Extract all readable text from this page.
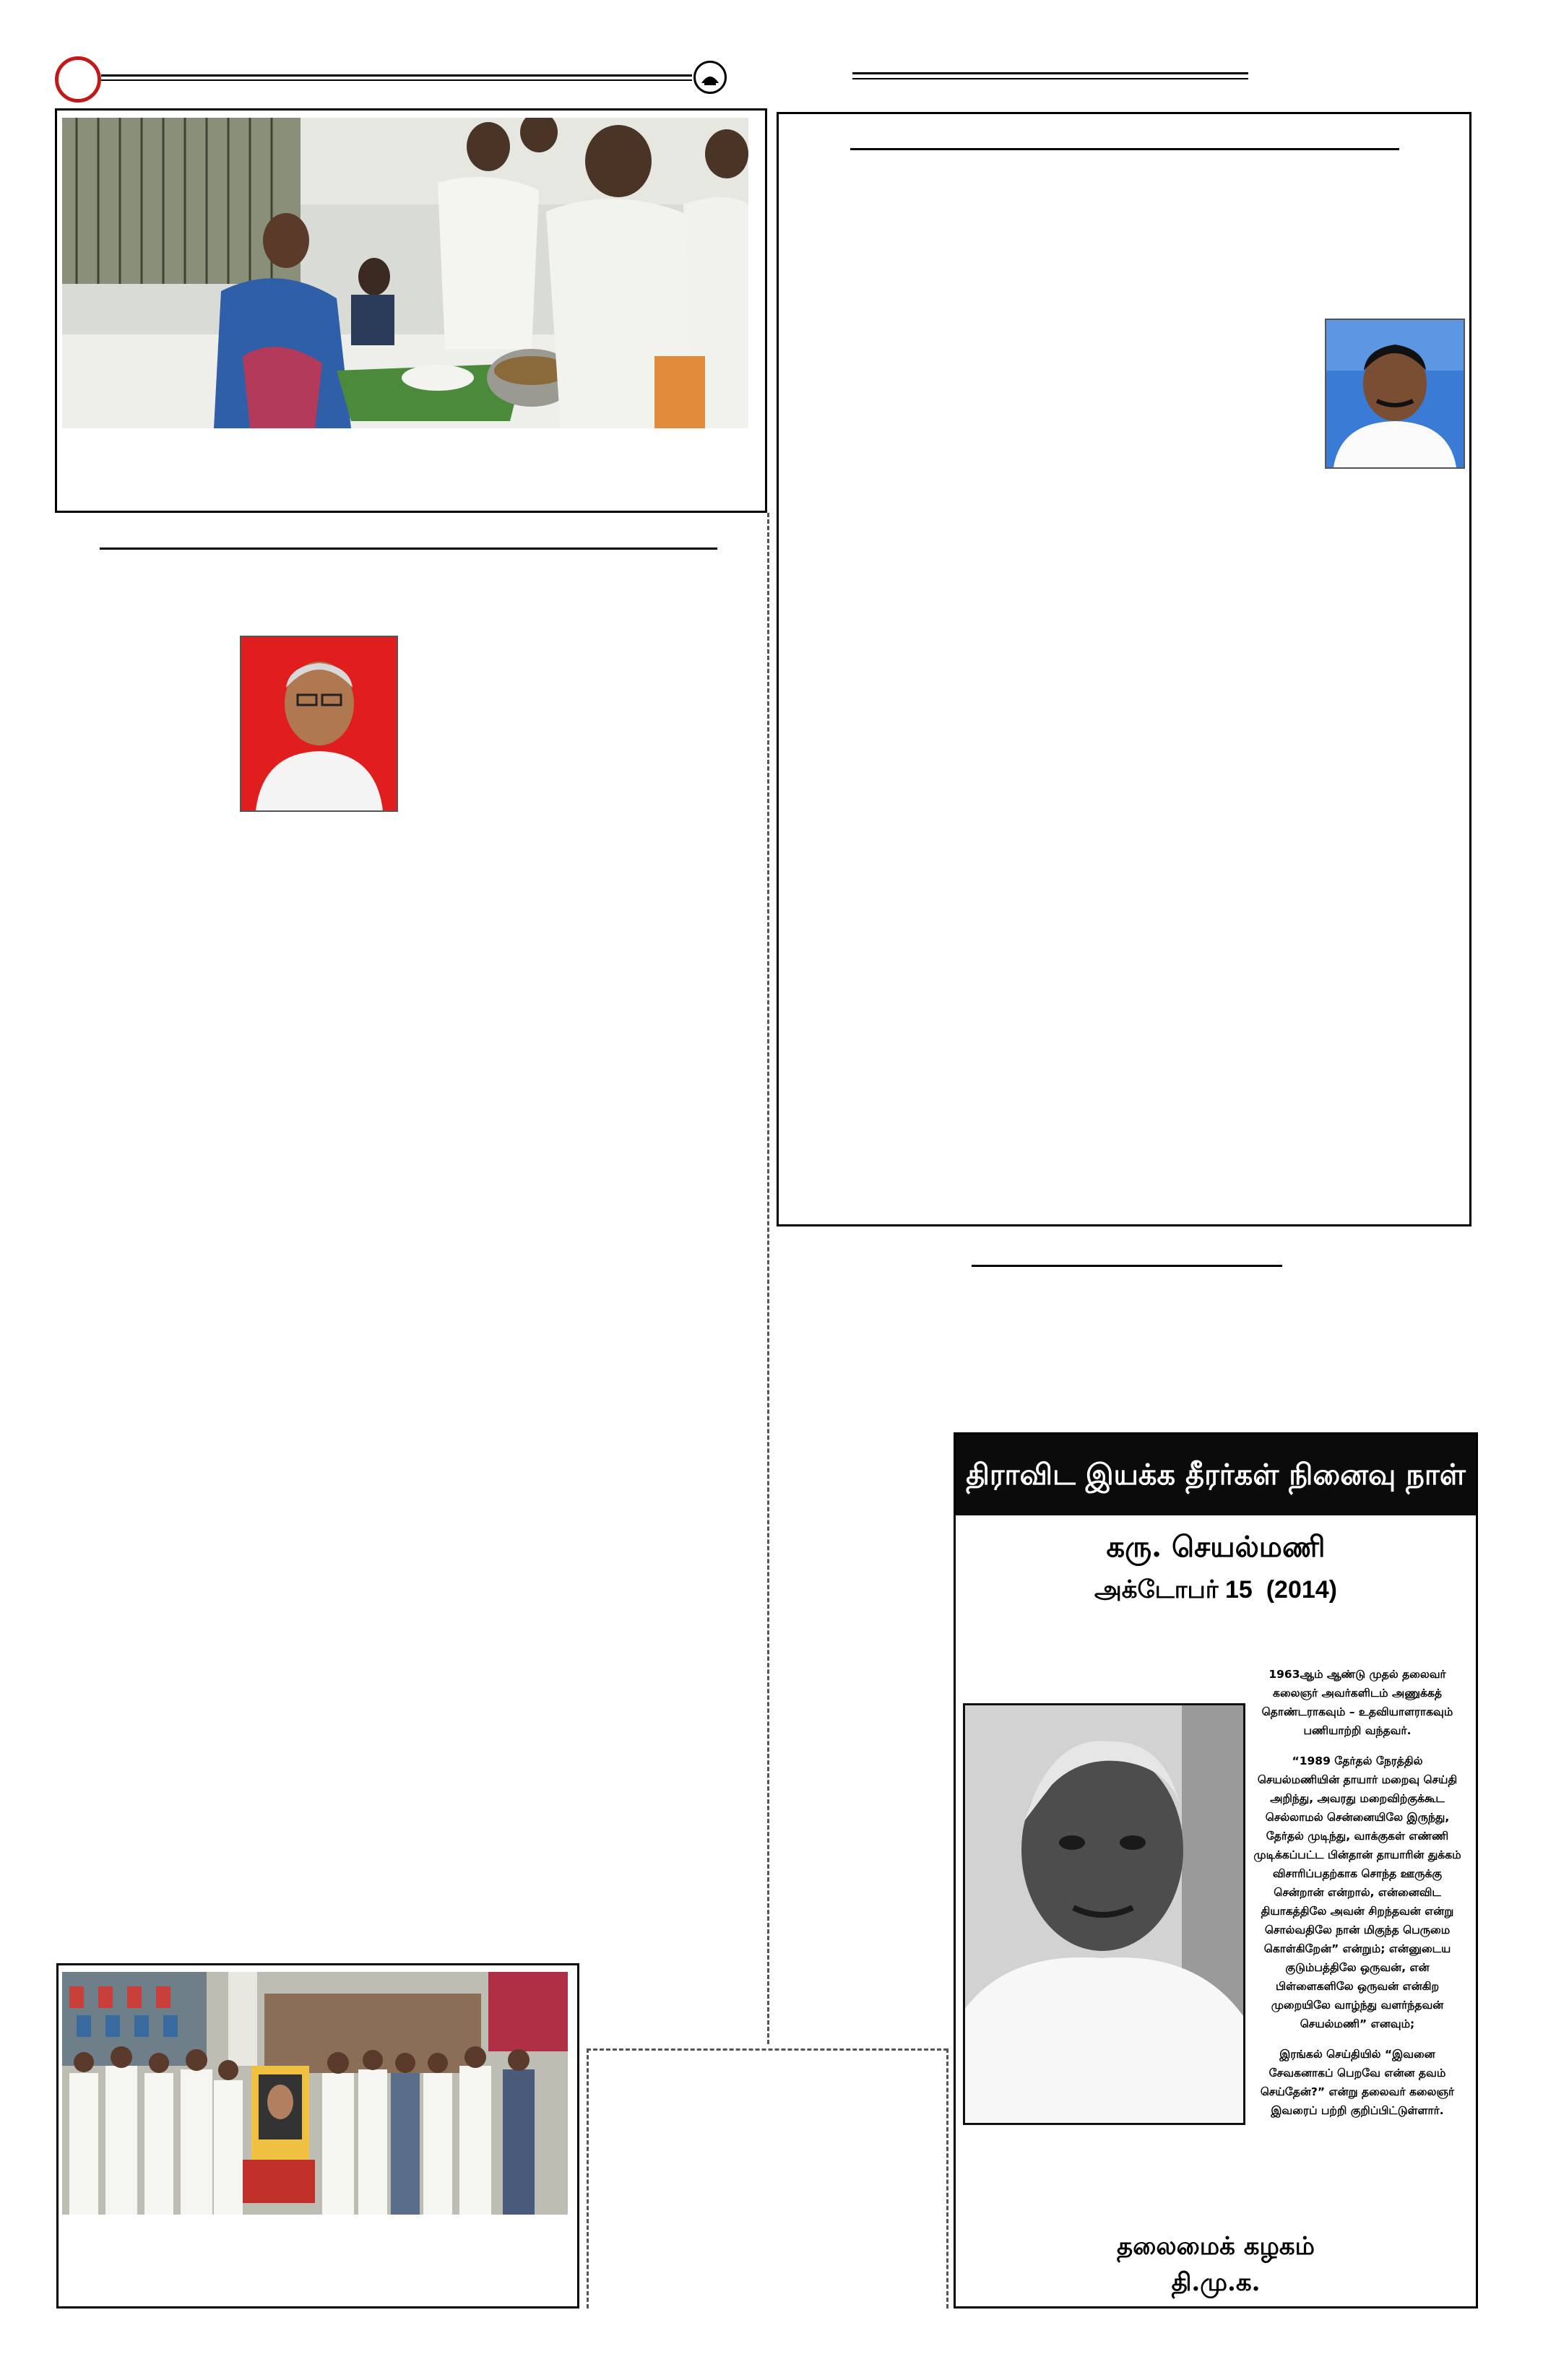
திராவிட இயக்க தீரர்கள் நினைவு நாள்
கரு. செயல்மணி
அக்டோபர் 15  (2014)

1963ஆம் ஆண்டு முதல் தலைவர் கலைஞர் அவர்களிடம் அணுக்கத் தொண்டராகவும் – உதவியாளராகவும் பணியாற்றி வந்தவர்.

“1989 தேர்தல் நேரத்தில் செயல்மணியின் தாயார் மறைவு செய்தி அறிந்து, அவரது மறைவிற்குக்கூட செல்லாமல் சென்னையிலே இருந்து, தேர்தல் முடிந்து, வாக்குகள் எண்ணி முடிக்கப்பட்ட பின்தான் தாயாரின் துக்கம் விசாரிப்பதற்காக சொந்த ஊருக்கு சென்றான் என்றால், என்னைவிட தியாகத்திலே அவன் சிறந்தவன் என்று சொல்வதிலே நான் மிகுந்த பெருமை கொள்கிறேன்” என்றும்; என்னுடைய குடும்பத்திலே ஒருவன், என் பிள்ளைகளிலே ஒருவன் என்கிற முறையிலே வாழ்ந்து வளர்ந்தவன் செயல்மணி” எனவும்;

இரங்கல் செய்தியில் “இவனை சேவகனாகப் பெறவே என்ன தவம் செய்தேன்?” என்று தலைவர் கலைஞர் இவரைப் பற்றி குறிப்பிட்டுள்ளார்.

தலைமைக் கழகம்
தி.மு.க.
